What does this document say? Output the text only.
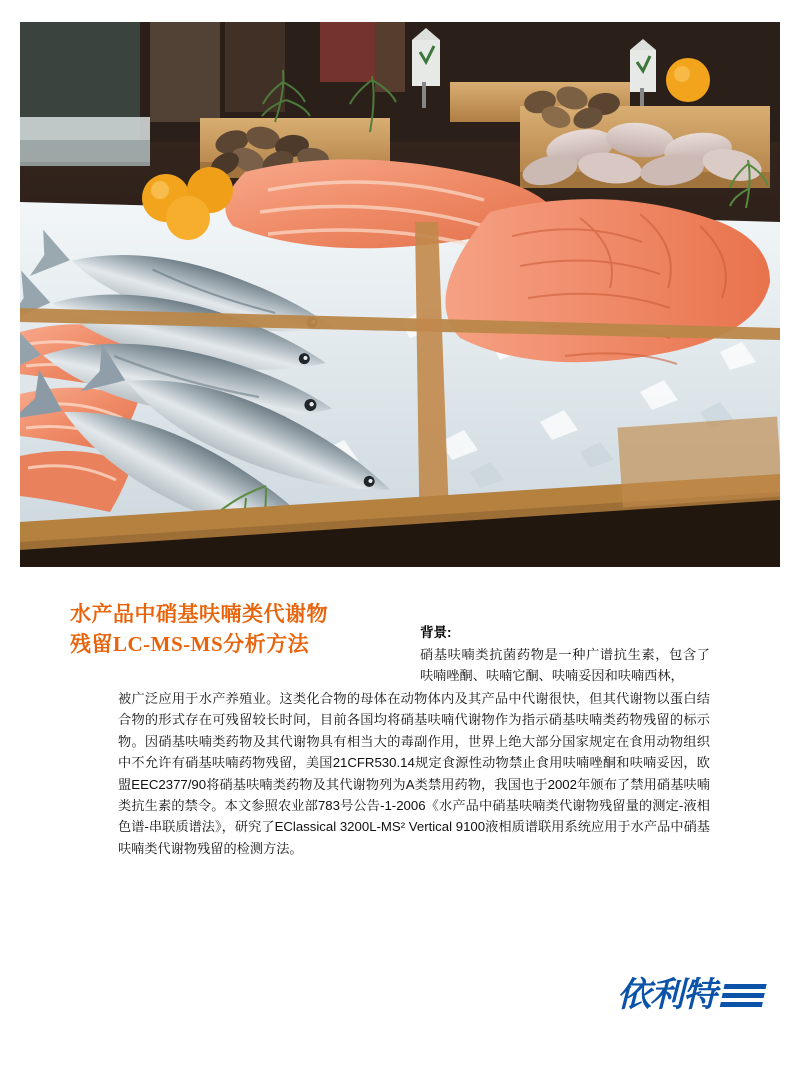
水产品中硝基呋喃类代谢物
残留LC-MS-MS分析方法	背景:
硝基呋喃类抗菌药物是一种广谱抗生素，包含了呋喃唑酮、呋喃它酮、呋喃妥因和呋喃西林，
被广泛应用于水产养殖业。这类化合物的母体在动物体内及其产品中代谢很快，但其代谢物以蛋白结合物的形式存在可残留较长时间，目前各国均将硝基呋喃代谢物作为指示硝基呋喃类药物残留的标示物。因硝基呋喃类药物及其代谢物具有相当大的毒副作用，世界上绝大部分国家规定在食用动物组织中不允许有硝基呋喃药物残留，美国21CFR530.14规定食源性动物禁止食用呋喃唑酮和呋喃妥因，欧盟EEC2377/90将硝基呋喃类药物及其代谢物列为A类禁用药物，我国也于2002年颁布了禁用硝基呋喃类抗生素的禁令。本文参照农业部783号公告-1-2006《水产品中硝基呋喃类代谢物残留量的测定-液相色谱-串联质谱法》，研究了EClassical 3200L-MS² Vertical 9100液相质谱联用系统应用于水产品中硝基呋喃类代谢物残留的检测方法。
依利特
